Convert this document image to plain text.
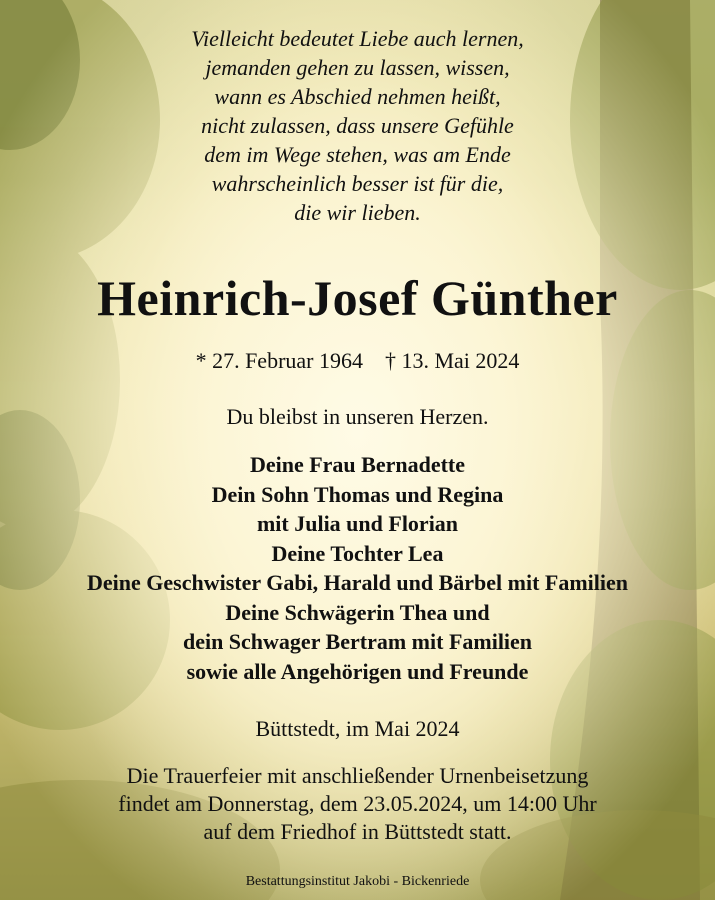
Vielleicht bedeutet Liebe auch lernen,
jemanden gehen zu lassen, wissen,
wann es Abschied nehmen heißt,
nicht zulassen, dass unsere Gefühle
dem im Wege stehen, was am Ende
wahrscheinlich besser ist für die,
die wir lieben.
Heinrich-Josef Günther
* 27. Februar 1964 † 13. Mai 2024
Du bleibst in unseren Herzen.
Deine Frau Bernadette
Dein Sohn Thomas und Regina
mit Julia und Florian
Deine Tochter Lea
Deine Geschwister Gabi, Harald und Bärbel mit Familien
Deine Schwägerin Thea und
dein Schwager Bertram mit Familien
sowie alle Angehörigen und Freunde
Büttstedt, im Mai 2024
Die Trauerfeier mit anschließender Urnenbeisetzung
findet am Donnerstag, dem 23.05.2024, um 14:00 Uhr
auf dem Friedhof in Büttstedt statt.
Bestattungsinstitut Jakobi - Bickenriede
